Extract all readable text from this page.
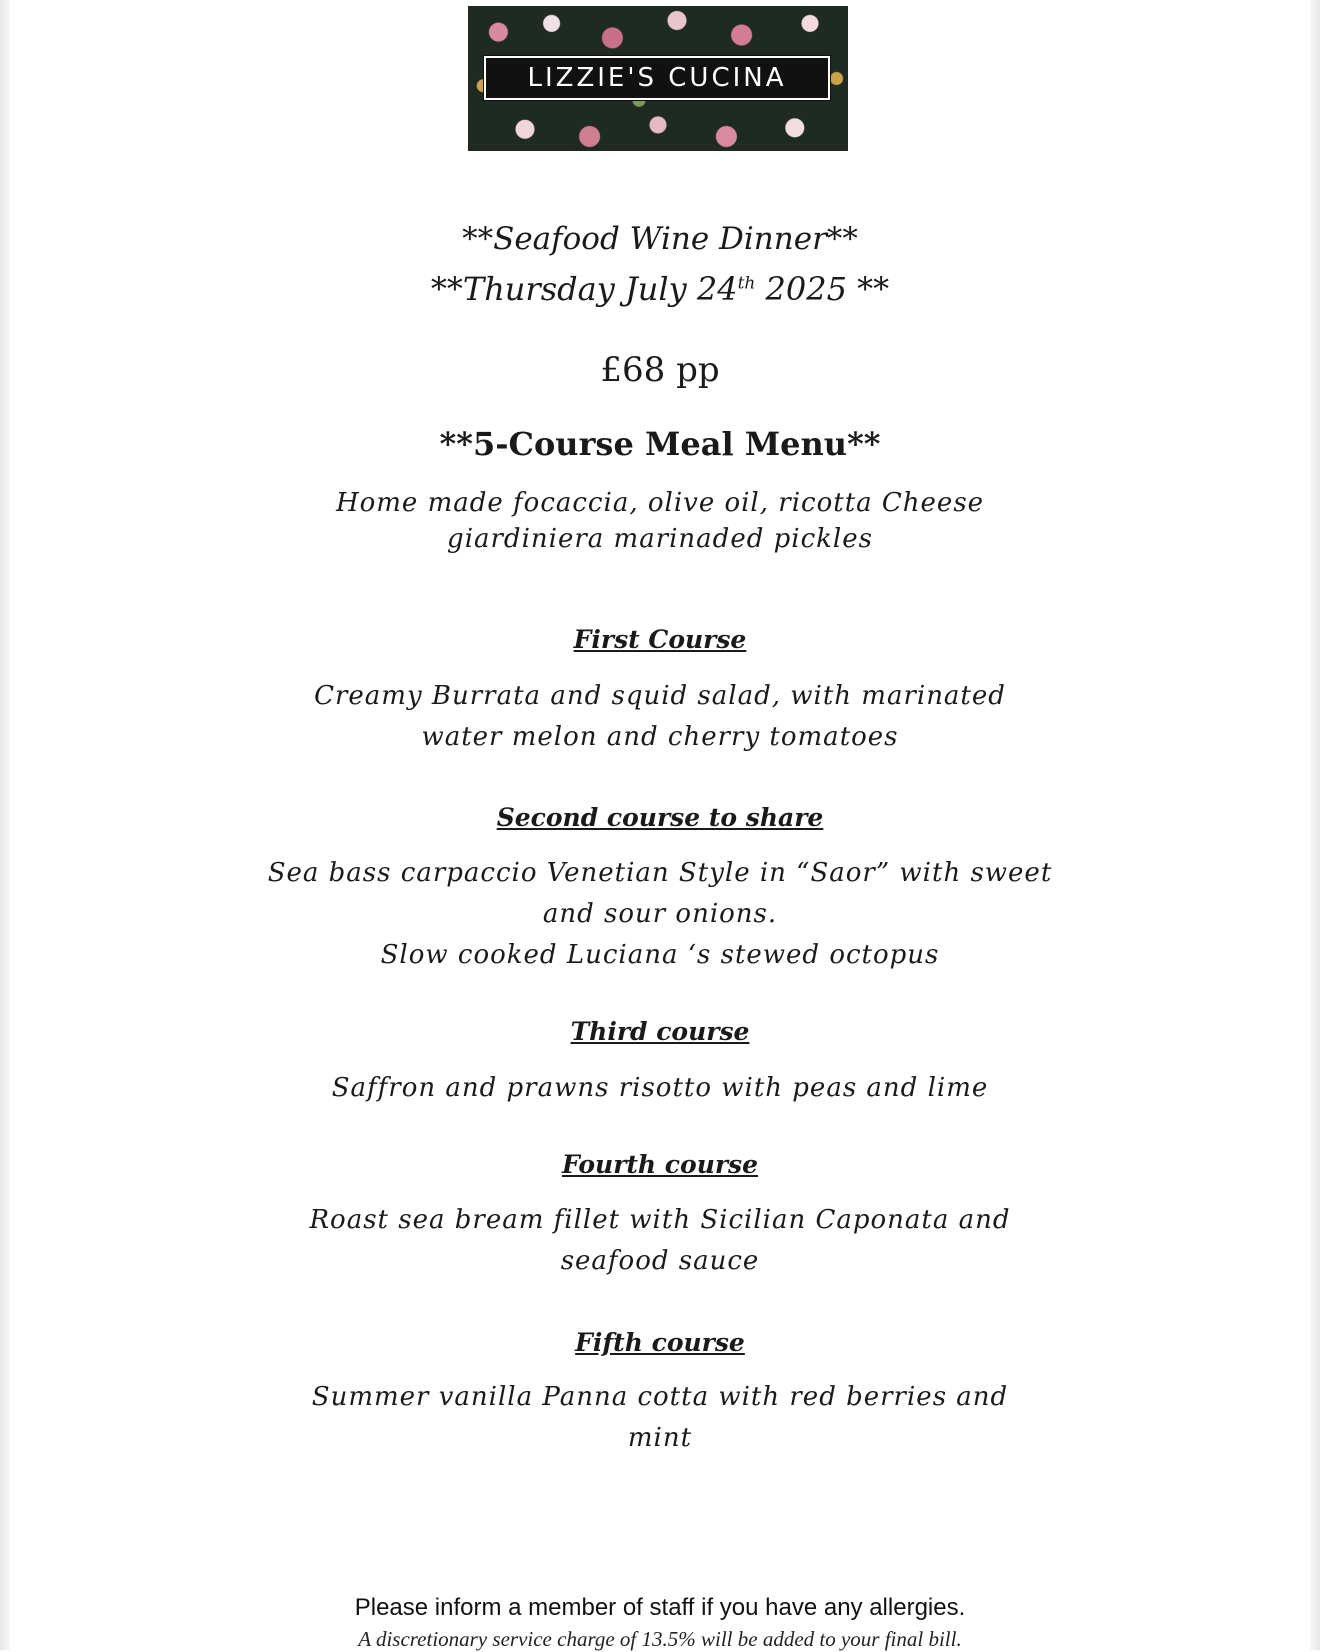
LIZZIE'S CUCINA
**Seafood Wine Dinner**
**Thursday July 24th 2025 **
£68 pp
**5-Course Meal Menu**
Home made focaccia, olive oil, ricotta Cheese
giardiniera marinaded pickles
First Course
Creamy Burrata and squid salad, with marinated
water melon and cherry tomatoes
Second course to share
Sea bass carpaccio Venetian Style in “Saor” with sweet
and sour onions.
Slow cooked Luciana ‘s stewed octopus
Third course
Saffron and prawns risotto with peas and lime
Fourth course
Roast sea bream fillet with Sicilian Caponata and
seafood sauce
Fifth course
Summer vanilla Panna cotta with red berries and
mint
Please inform a member of staff if you have any allergies.
A discretionary service charge of 13.5% will be added to your final bill.
